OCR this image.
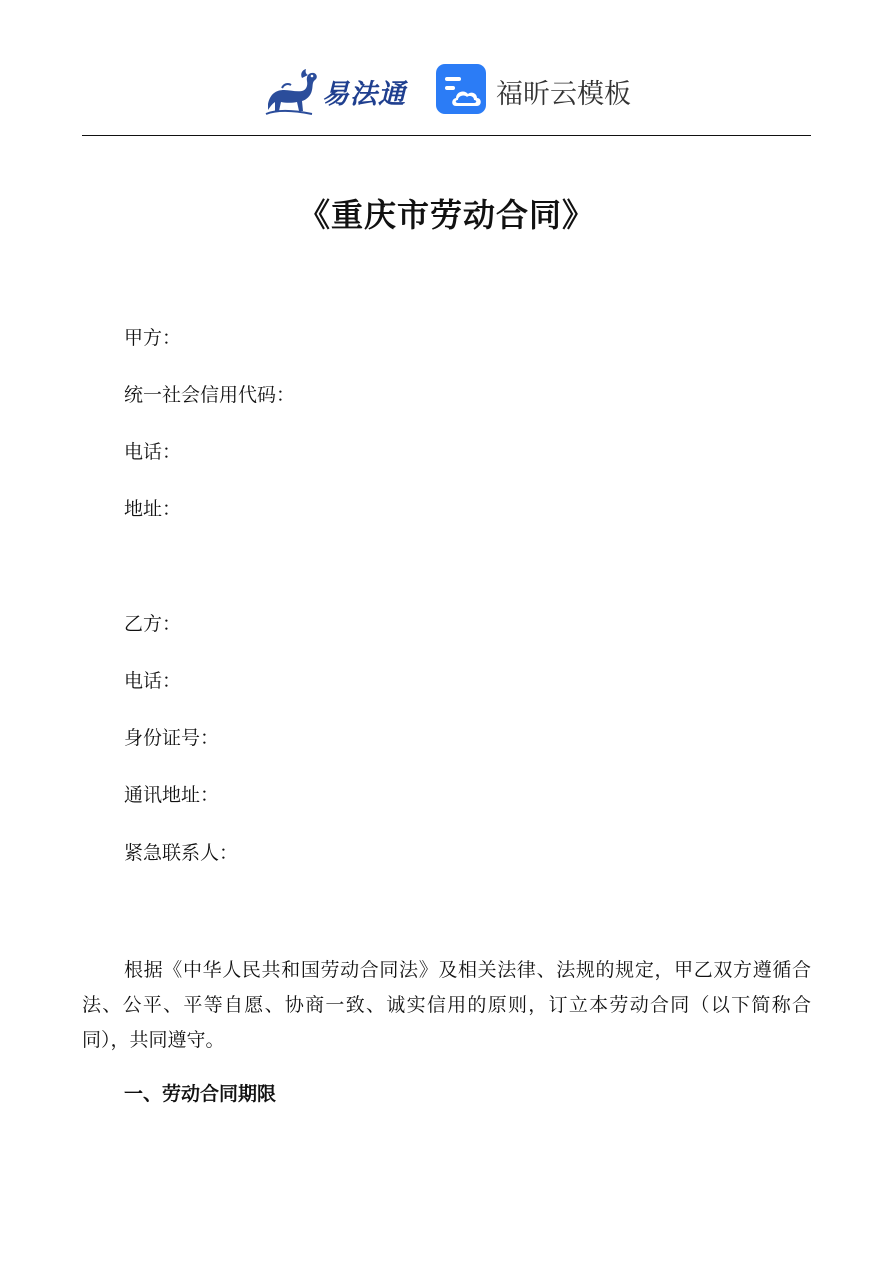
易法通	福昕云模板
《重庆市劳动合同》
甲方：
统一社会信用代码：
电话：
地址：
乙方：
电话：
身份证号：
通讯地址：
紧急联系人：
根据《中华人民共和国劳动合同法》及相关法律、法规的规定，甲乙双方遵循合法、公平、平等自愿、协商一致、诚实信用的原则，订立本劳动合同（以下简称合同），共同遵守。
一、劳动合同期限
